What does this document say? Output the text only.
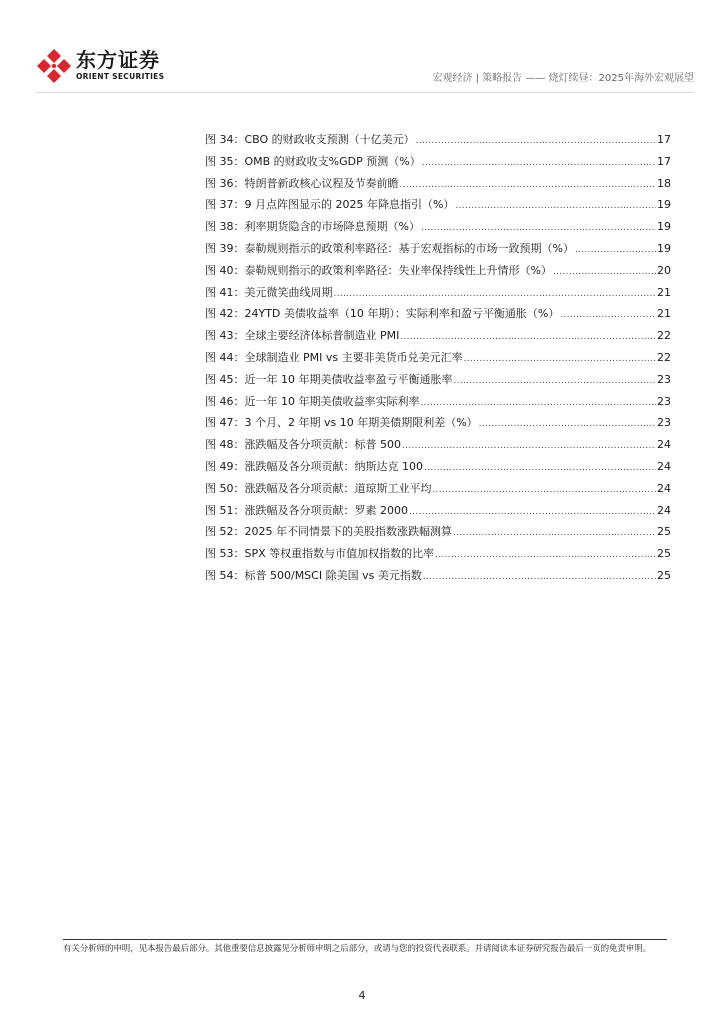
东方证券
ORIENT SECURITIES	宏观经济 | 策略报告 —— 烧灯续昼：2025年海外宏观展望
图 34：CBO 的财政收支预测（十亿美元） .....	17
图 35：OMB 的财政收支%GDP 预测（%） .....	17
图 36：特朗普新政核心议程及节奏前瞻 .....	18
图 37：9 月点阵图显示的 2025 年降息指引（%） .....	19
图 38：利率期货隐含的市场降息预期（%） .....	19
图 39：泰勒规则指示的政策利率路径：基于宏观指标的市场一致预期（%） .....	19
图 40：泰勒规则指示的政策利率路径：失业率保持线性上升情形（%） .....	20
图 41：美元微笑曲线周期 .....	21
图 42：24YTD 美债收益率（10 年期）：实际利率和盈亏平衡通胀（%） .....	21
图 43：全球主要经济体标普制造业 PMI .....	22
图 44：全球制造业 PMI vs 主要非美货币兑美元汇率 .....	22
图 45：近一年 10 年期美债收益率盈亏平衡通胀率 .....	23
图 46：近一年 10 年期美债收益率实际利率 .....	23
图 47：3 个月、2 年期 vs 10 年期美债期限利差（%） .....	23
图 48：涨跌幅及各分项贡献：标普 500 .....	24
图 49：涨跌幅及各分项贡献：纳斯达克 100 .....	24
图 50：涨跌幅及各分项贡献：道琼斯工业平均 .....	24
图 51：涨跌幅及各分项贡献：罗素 2000 .....	24
图 52：2025 年不同情景下的美股指数涨跌幅测算 .....	25
图 53：SPX 等权重指数与市值加权指数的比率 .....	25
图 54：标普 500/MSCI 除美国 vs 美元指数 .....	25
有关分析师的申明，见本报告最后部分。其他重要信息披露见分析师申明之后部分，或请与您的投资代表联系。并请阅读本证券研究报告最后一页的免责申明。
4
